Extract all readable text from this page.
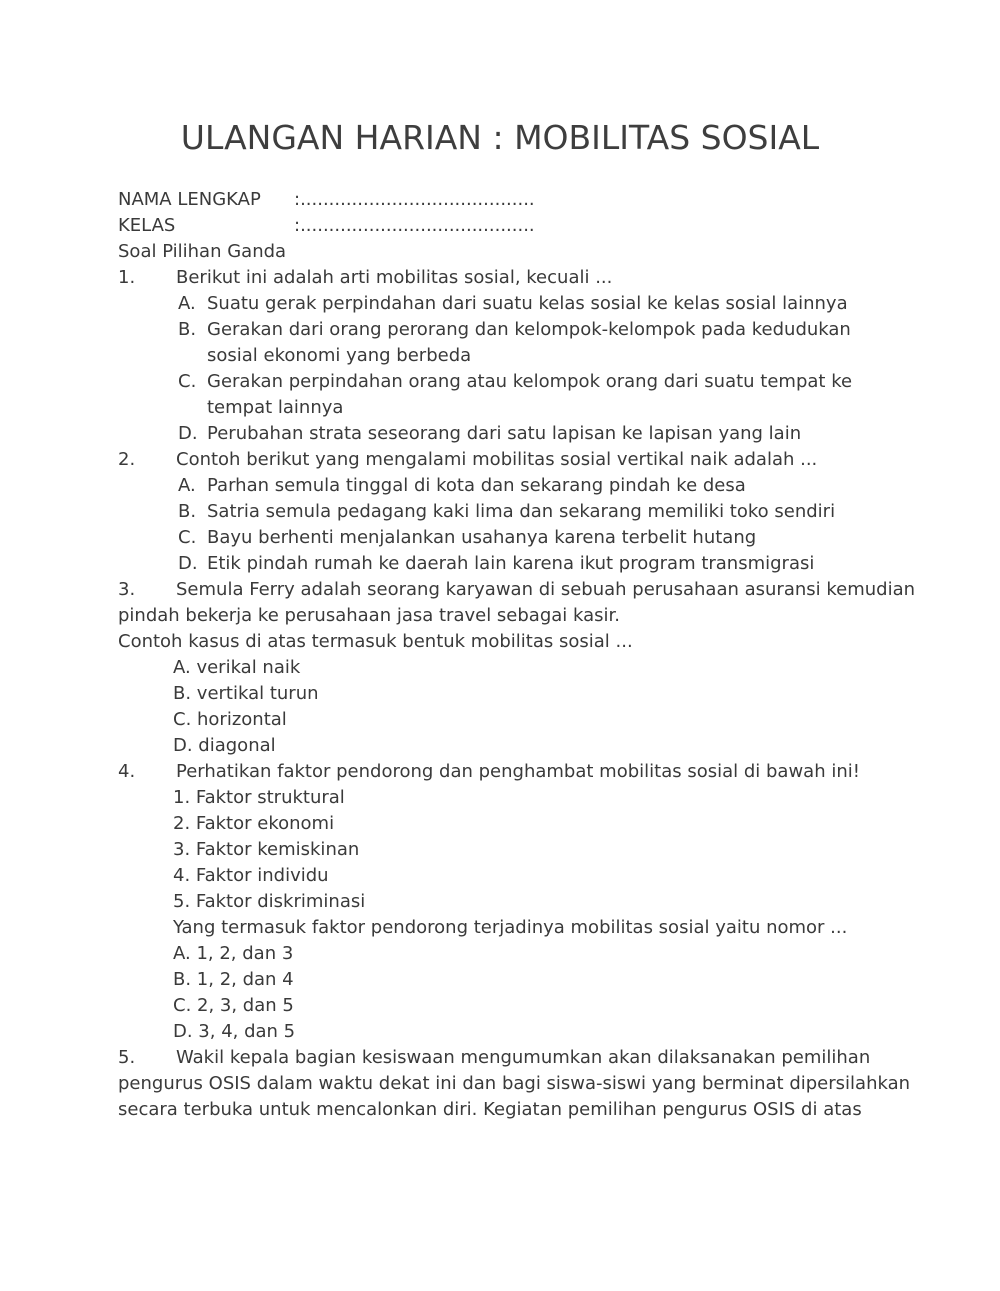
ULANGAN HARIAN : MOBILITAS SOSIAL
NAMA LENGKAP :.........................................
KELAS	:.........................................
Soal Pilihan Ganda
1. Berikut ini adalah arti mobilitas sosial, kecuali ...
A. Suatu gerak perpindahan dari suatu kelas sosial ke kelas sosial lainnya
B. Gerakan dari orang perorang dan kelompok-kelompok pada kedudukan sosial ekonomi yang berbeda
C. Gerakan perpindahan orang atau kelompok orang dari suatu tempat ke tempat lainnya
D. Perubahan strata seseorang dari satu lapisan ke lapisan yang lain
2. Contoh berikut yang mengalami mobilitas sosial vertikal naik adalah ...
A. Parhan semula tinggal di kota dan sekarang pindah ke desa
B. Satria semula pedagang kaki lima dan sekarang memiliki toko sendiri
C. Bayu berhenti menjalankan usahanya karena terbelit hutang
D. Etik pindah rumah ke daerah lain karena ikut program transmigrasi
3. Semula Ferry adalah seorang karyawan di sebuah perusahaan asuransi kemudian
pindah bekerja ke perusahaan jasa travel sebagai kasir.
Contoh kasus di atas termasuk bentuk mobilitas sosial ...
A. verikal naik
B. vertikal turun
C. horizontal
D. diagonal
4. Perhatikan faktor pendorong dan penghambat mobilitas sosial di bawah ini!
1. Faktor struktural
2. Faktor ekonomi
3. Faktor kemiskinan
4. Faktor individu
5. Faktor diskriminasi
Yang termasuk faktor pendorong terjadinya mobilitas sosial yaitu nomor ...
A. 1, 2, dan 3
B. 1, 2, dan 4
C. 2, 3, dan 5
D. 3, 4, dan 5
5. Wakil kepala bagian kesiswaan mengumumkan akan dilaksanakan pemilihan
pengurus OSIS dalam waktu dekat ini dan bagi siswa-siswi yang berminat dipersilahkan
secara terbuka untuk mencalonkan diri. Kegiatan pemilihan pengurus OSIS di atas
